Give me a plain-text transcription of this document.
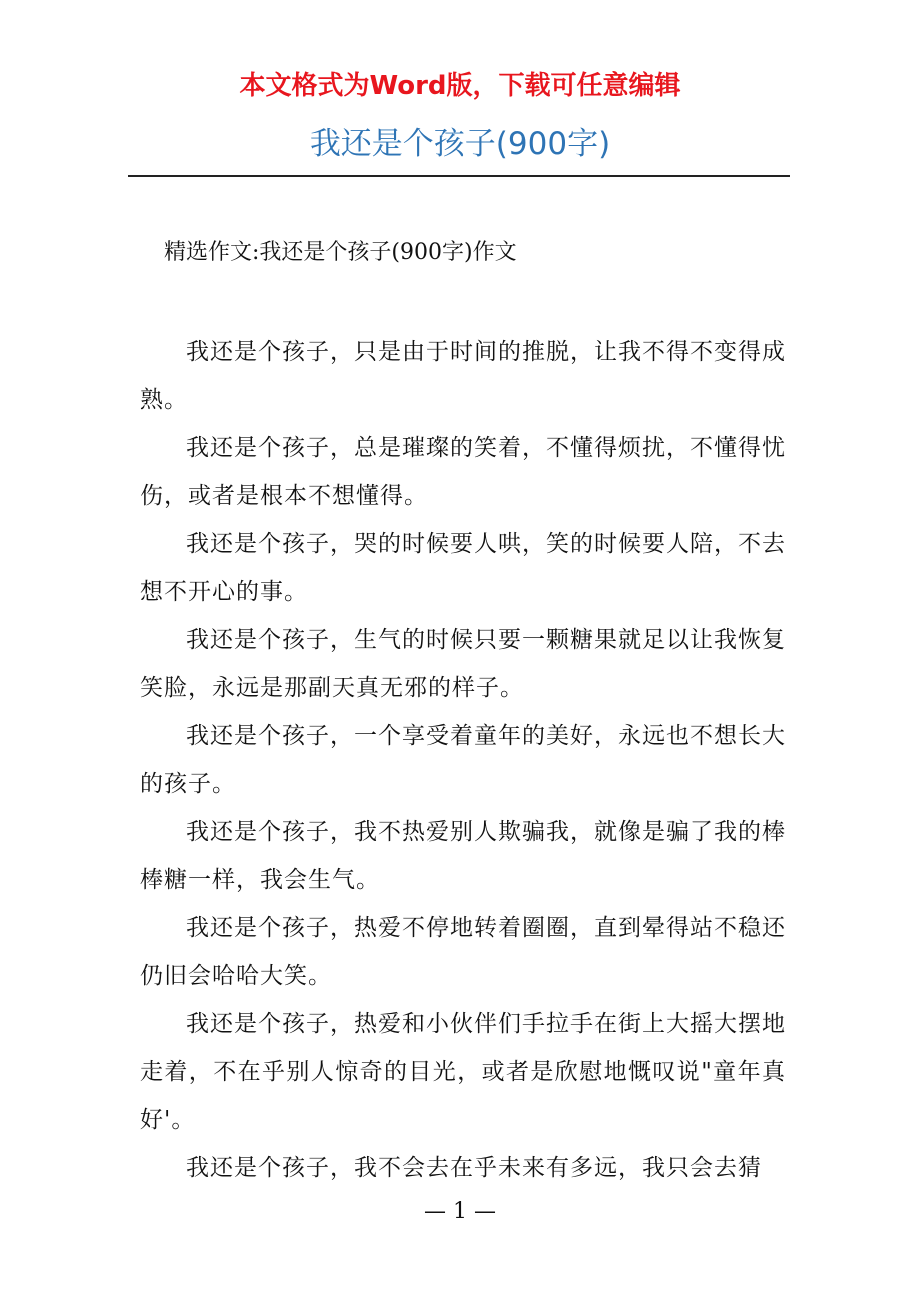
本文格式为Word版，下载可任意编辑
我还是个孩子(900字)
精选作文:我还是个孩子(900字)作文

我还是个孩子，只是由于时间的推脱，让我不得不变得成熟。

我还是个孩子，总是璀璨的笑着，不懂得烦扰，不懂得忧伤，或者是根本不想懂得。

我还是个孩子，哭的时候要人哄，笑的时候要人陪，不去想不开心的事。

我还是个孩子，生气的时候只要一颗糖果就足以让我恢复笑脸，永远是那副天真无邪的样子。

我还是个孩子，一个享受着童年的美好，永远也不想长大的孩子。

我还是个孩子，我不热爱别人欺骗我，就像是骗了我的棒棒糖一样，我会生气。

我还是个孩子，热爱不停地转着圈圈，直到晕得站不稳还仍旧会哈哈大笑。

我还是个孩子，热爱和小伙伴们手拉手在街上大摇大摆地走着，不在乎别人惊奇的目光，或者是欣慰地慨叹说"童年真好'。

我还是个孩子，我不会去在乎未来有多远，我只会去猜

— 1 —
